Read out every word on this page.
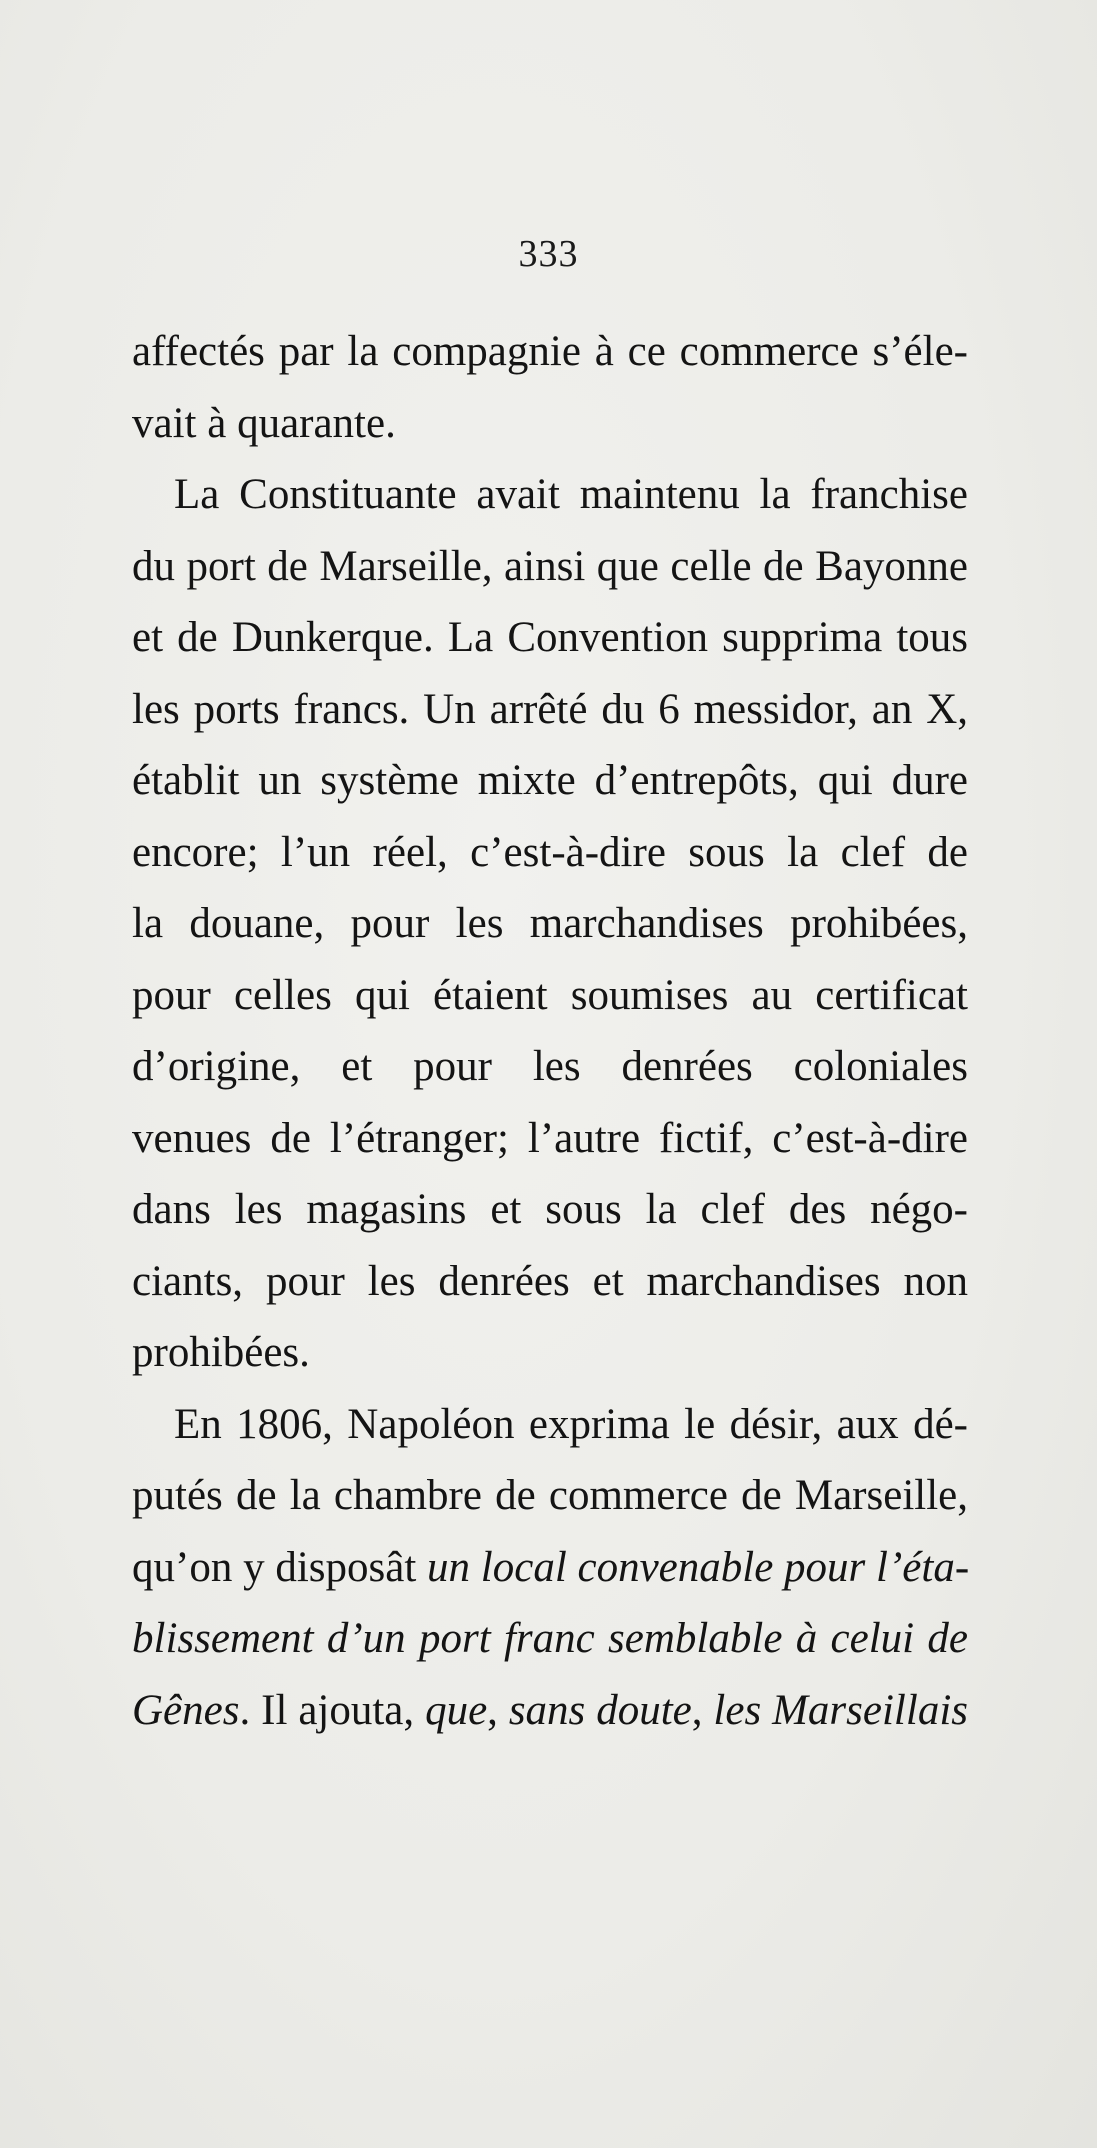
333
affectés par la compagnie à ce commerce s’éle-
vait à quarante.
La Constituante avait maintenu la franchise
du port de Marseille, ainsi que celle de Bayonne
et de Dunkerque. La Convention supprima tous
les ports francs. Un arrêté du 6 messidor, an X,
établit un système mixte d’entrepôts, qui dure
encore; l’un réel, c’est-à-dire sous la clef de
la douane, pour les marchandises prohibées,
pour celles qui étaient soumises au certificat
d’origine, et pour les denrées coloniales
venues de l’étranger; l’autre fictif, c’est-à-dire
dans les magasins et sous la clef des négo-
ciants, pour les denrées et marchandises non
prohibées.
En 1806, Napoléon exprima le désir, aux dé-
putés de la chambre de commerce de Marseille,
qu’on y disposât un local convenable pour l’éta-
blissement d’un port franc semblable à celui de
Gênes. Il ajouta, que, sans doute, les Marseillais
